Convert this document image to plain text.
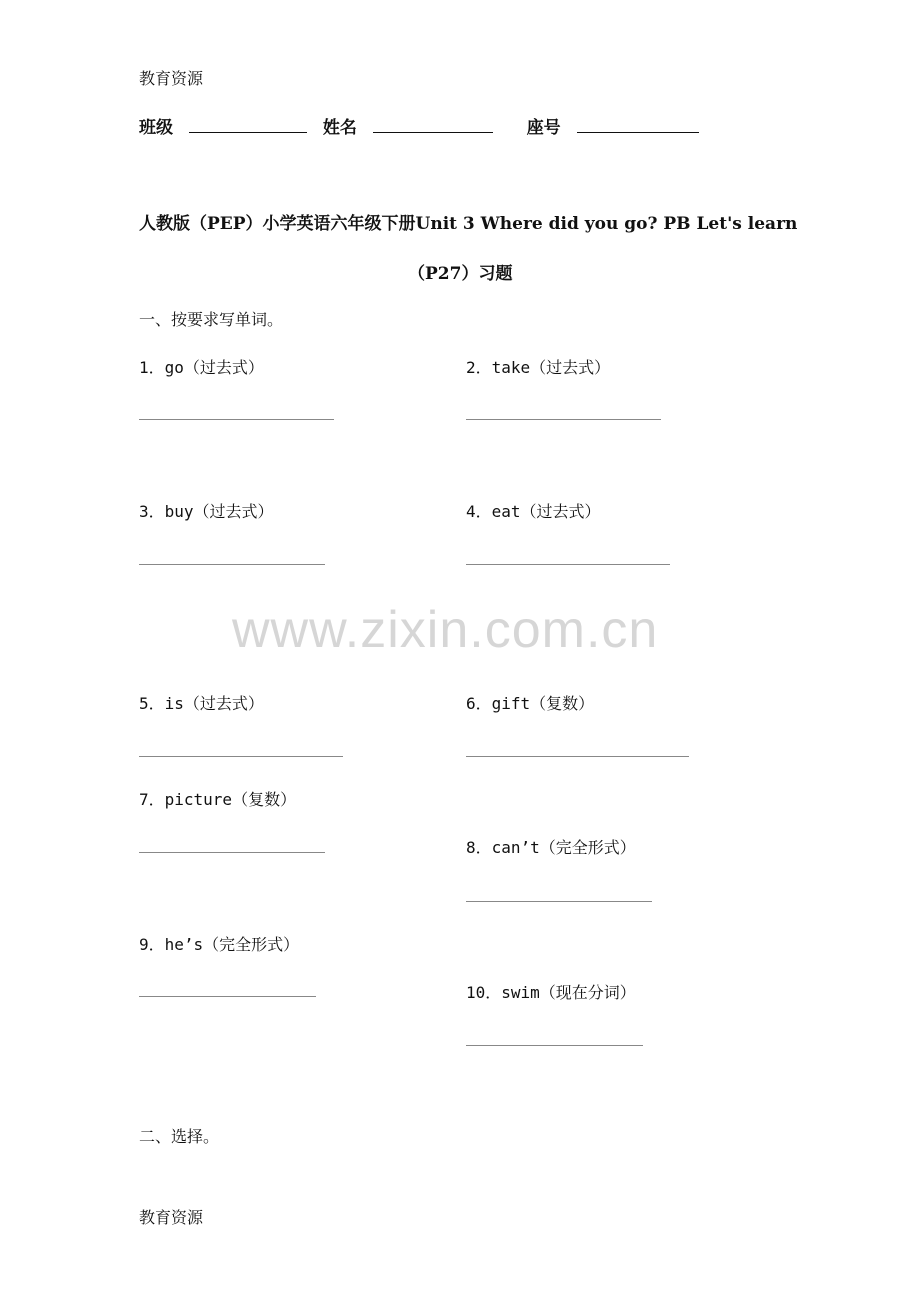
教育资源
班级	姓名	座号
人教版（PEP）小学英语六年级下册Unit 3 Where did you go? PB Let's learn
（P27）习题
一、按要求写单词。
1．go（过去式）	2．take（过去式）
3．buy（过去式）	4．eat（过去式）
www.zixin.com.cn
5．is（过去式）	6．gift（复数）
7．picture（复数）
8．can’t（完全形式）
9．he’s（完全形式）
10．swim（现在分词）
二、选择。
教育资源
